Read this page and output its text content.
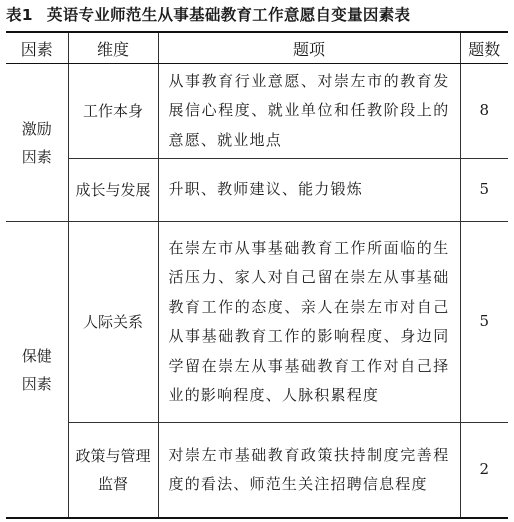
表1 英语专业师范生从事基础教育工作意愿自变量因素表
因素	维度	题项	题数
激励因素	工作本身	从事教育行业意愿、对崇左市的教育发展信心程度、就业单位和任教阶段上的意愿、就业地点	8
	成长与发展	升职、教师建议、能力锻炼	5
保健因素	人际关系	在崇左市从事基础教育工作所面临的生活压力、家人对自己留在崇左从事基础教育工作的态度、亲人在崇左市对自己从事基础教育工作的影响程度、身边同学留在崇左从事基础教育工作对自己择业的影响程度、人脉积累程度	5
	政策与管理监督	对崇左市基础教育政策扶持制度完善程度的看法、师范生关注招聘信息程度	2
